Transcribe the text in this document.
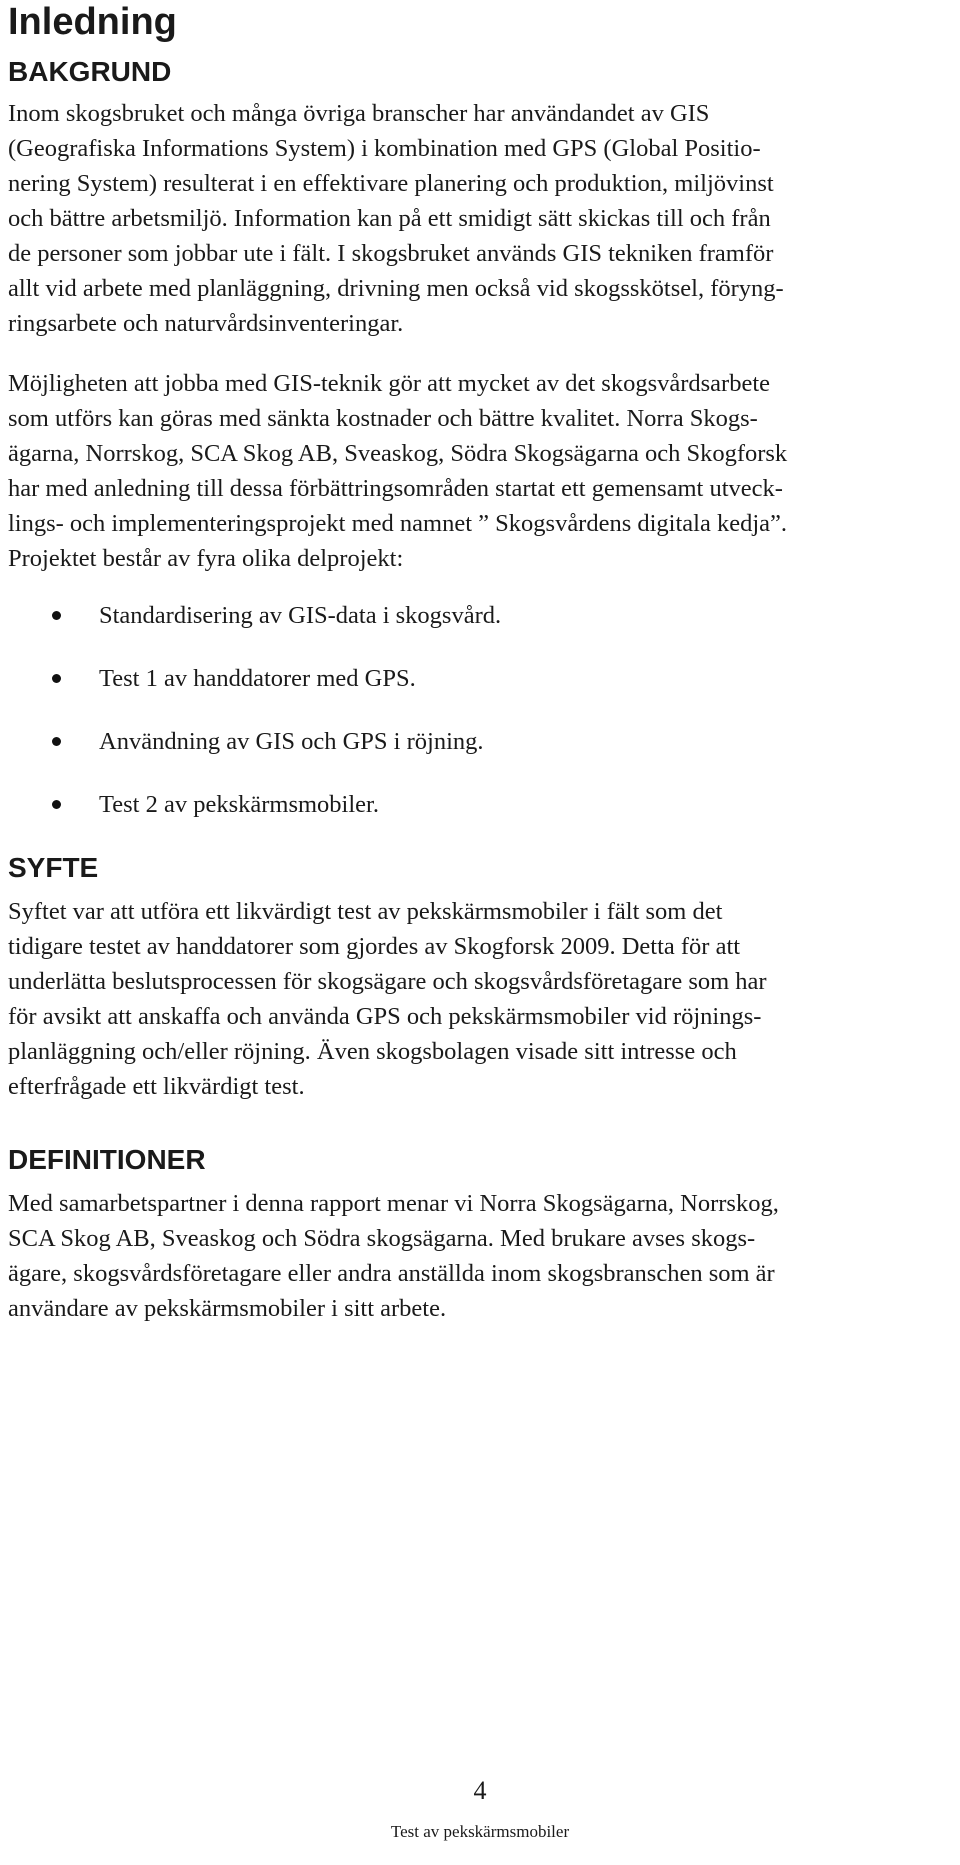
Inledning
BAKGRUND

Inom skogsbruket och många övriga branscher har användandet av GIS
(Geografiska Informations System) i kombination med GPS (Global Positio-
nering System) resulterat i en effektivare planering och produktion, miljövinst
och bättre arbetsmiljö. Information kan på ett smidigt sätt skickas till och från
de personer som jobbar ute i fält. I skogsbruket används GIS tekniken framför
allt vid arbete med planläggning, drivning men också vid skogsskötsel, föryng-
ringsarbete och naturvårdsinventeringar.

Möjligheten att jobba med GIS-teknik gör att mycket av det skogsvårdsarbete
som utförs kan göras med sänkta kostnader och bättre kvalitet. Norra Skogs-
ägarna, Norrskog, SCA Skog AB, Sveaskog, Södra Skogsägarna och Skogforsk
har med anledning till dessa förbättringsområden startat ett gemensamt utveck-
lings- och implementeringsprojekt med namnet ” Skogsvårdens digitala kedja”.
Projektet består av fyra olika delprojekt:

Standardisering av GIS-data i skogsvård.
Test 1 av handdatorer med GPS.
Användning av GIS och GPS i röjning.
Test 2 av pekskärmsmobiler.
SYFTE

Syftet var att utföra ett likvärdigt test av pekskärmsmobiler i fält som det
tidigare testet av handdatorer som gjordes av Skogforsk 2009. Detta för att
underlätta beslutsprocessen för skogsägare och skogsvårdsföretagare som har
för avsikt att anskaffa och använda GPS och pekskärmsmobiler vid röjnings-
planläggning och/eller röjning. Även skogsbolagen visade sitt intresse och
efterfrågade ett likvärdigt test.

DEFINITIONER

Med samarbetspartner i denna rapport menar vi Norra Skogsägarna, Norrskog,
SCA Skog AB, Sveaskog och Södra skogsägarna. Med brukare avses skogs-
ägare, skogsvårdsföretagare eller andra anställda inom skogsbranschen som är
användare av pekskärmsmobiler i sitt arbete.

4
Test av pekskärmsmobiler
